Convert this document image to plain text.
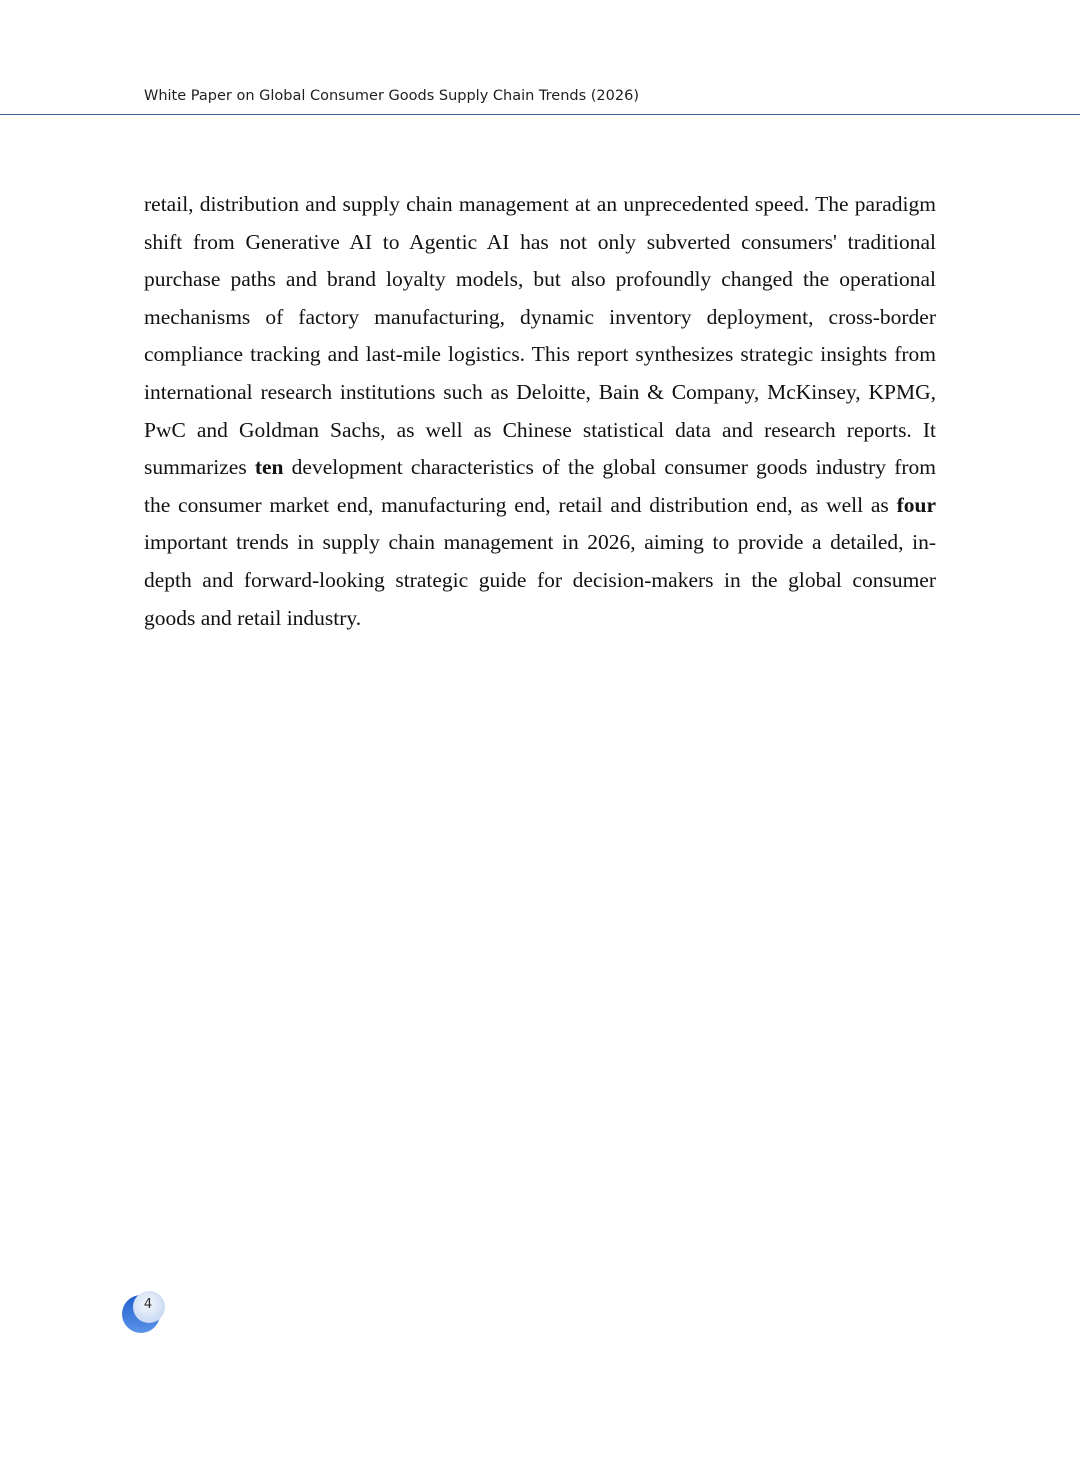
White Paper on Global Consumer Goods Supply Chain Trends (2026)

retail, distribution and supply chain management at an unprecedented speed. The paradigm shift from Generative AI to Agentic AI has not only subverted consumers' traditional purchase paths and brand loyalty models, but also profoundly changed the operational mechanisms of factory manufacturing, dynamic inventory deployment, cross-border compliance tracking and last-mile logistics. This report synthesizes strategic insights from international research institutions such as Deloitte, Bain & Company, McKinsey, KPMG, PwC and Goldman Sachs, as well as Chinese statistical data and research reports. It summarizes ten development characteristics of the global consumer goods industry from the consumer market end, manufacturing end, retail and distribution end, as well as four important trends in supply chain management in 2026, aiming to provide a detailed, in-depth and forward-looking strategic guide for decision-makers in the global consumer goods and retail industry.

4
